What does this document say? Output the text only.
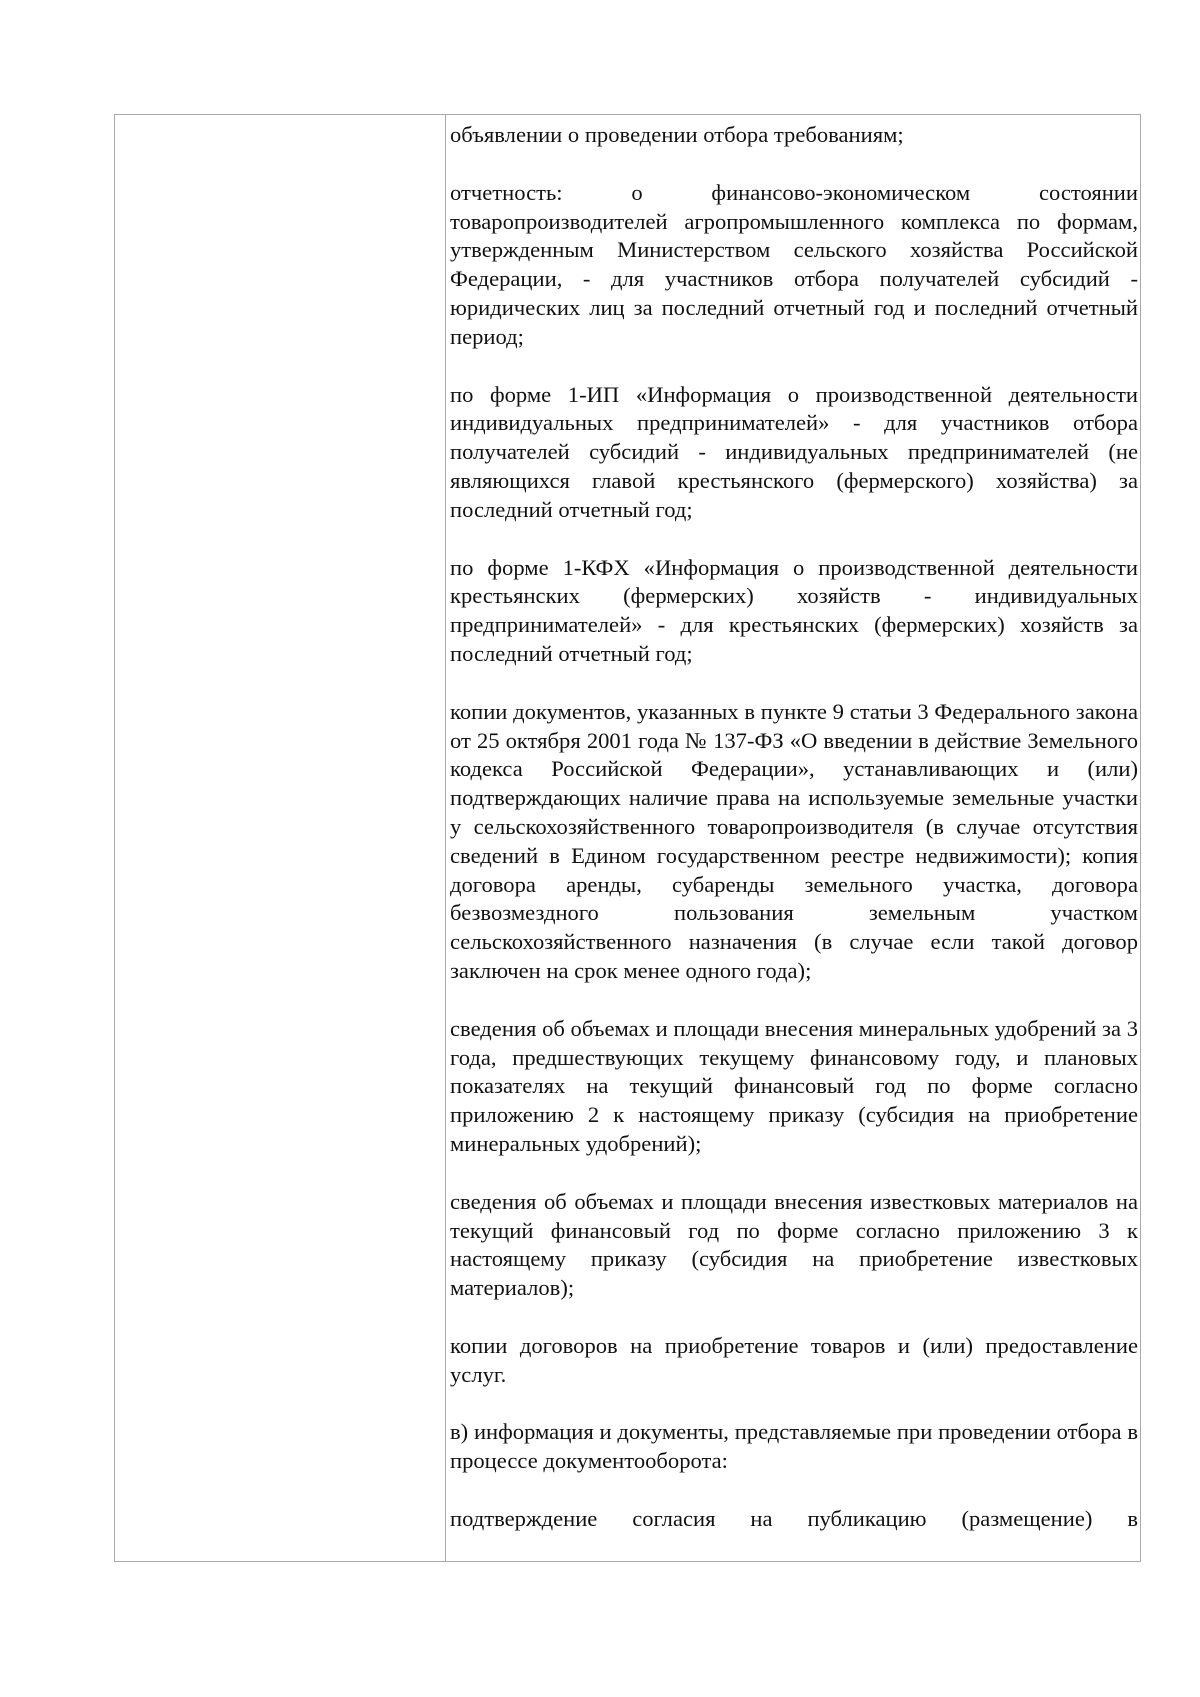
объявлении о проведении отбора требованиям;

отчетность: о финансово-экономическом состоянии товаропроизводителей агропромышленного комплекса по формам, утвержденным Министерством сельского хозяйства Российской Федерации, - для участников отбора получателей субсидий - юридических лиц за последний отчетный год и последний отчетный период;

по форме 1-ИП «Информация о производственной деятельности индивидуальных предпринимателей» - для участников отбора получателей субсидий - индивидуальных предпринимателей (не являющихся главой крестьянского (фермерского) хозяйства) за последний отчетный год;

по форме 1-КФХ «Информация о производственной деятельности крестьянских (фермерских) хозяйств - индивидуальных предпринимателей» - для крестьянских (фермерских) хозяйств за последний отчетный год;

копии документов, указанных в пункте 9 статьи 3 Федерального закона от 25 октября 2001 года № 137-ФЗ «О введении в действие Земельного кодекса Российской Федерации», устанавливающих и (или) подтверждающих наличие права на используемые земельные участки у сельскохозяйственного товаропроизводителя (в случае отсутствия сведений в Едином государственном реестре недвижимости); копия договора аренды, субаренды земельного участка, договора безвозмездного пользования земельным участком сельскохозяйственного назначения (в случае если такой договор заключен на срок менее одного года);

сведения об объемах и площади внесения минеральных удобрений за 3 года, предшествующих текущему финансовому году, и плановых показателях на текущий финансовый год по форме согласно приложению 2 к настоящему приказу (субсидия на приобретение минеральных удобрений);

сведения об объемах и площади внесения известковых материалов на текущий финансовый год по форме согласно приложению 3 к настоящему приказу (субсидия на приобретение известковых материалов);

копии договоров на приобретение товаров и (или) предоставление услуг.

в) информация и документы, представляемые при проведении отбора в процессе документооборота:

подтверждение согласия на публикацию (размещение) в
